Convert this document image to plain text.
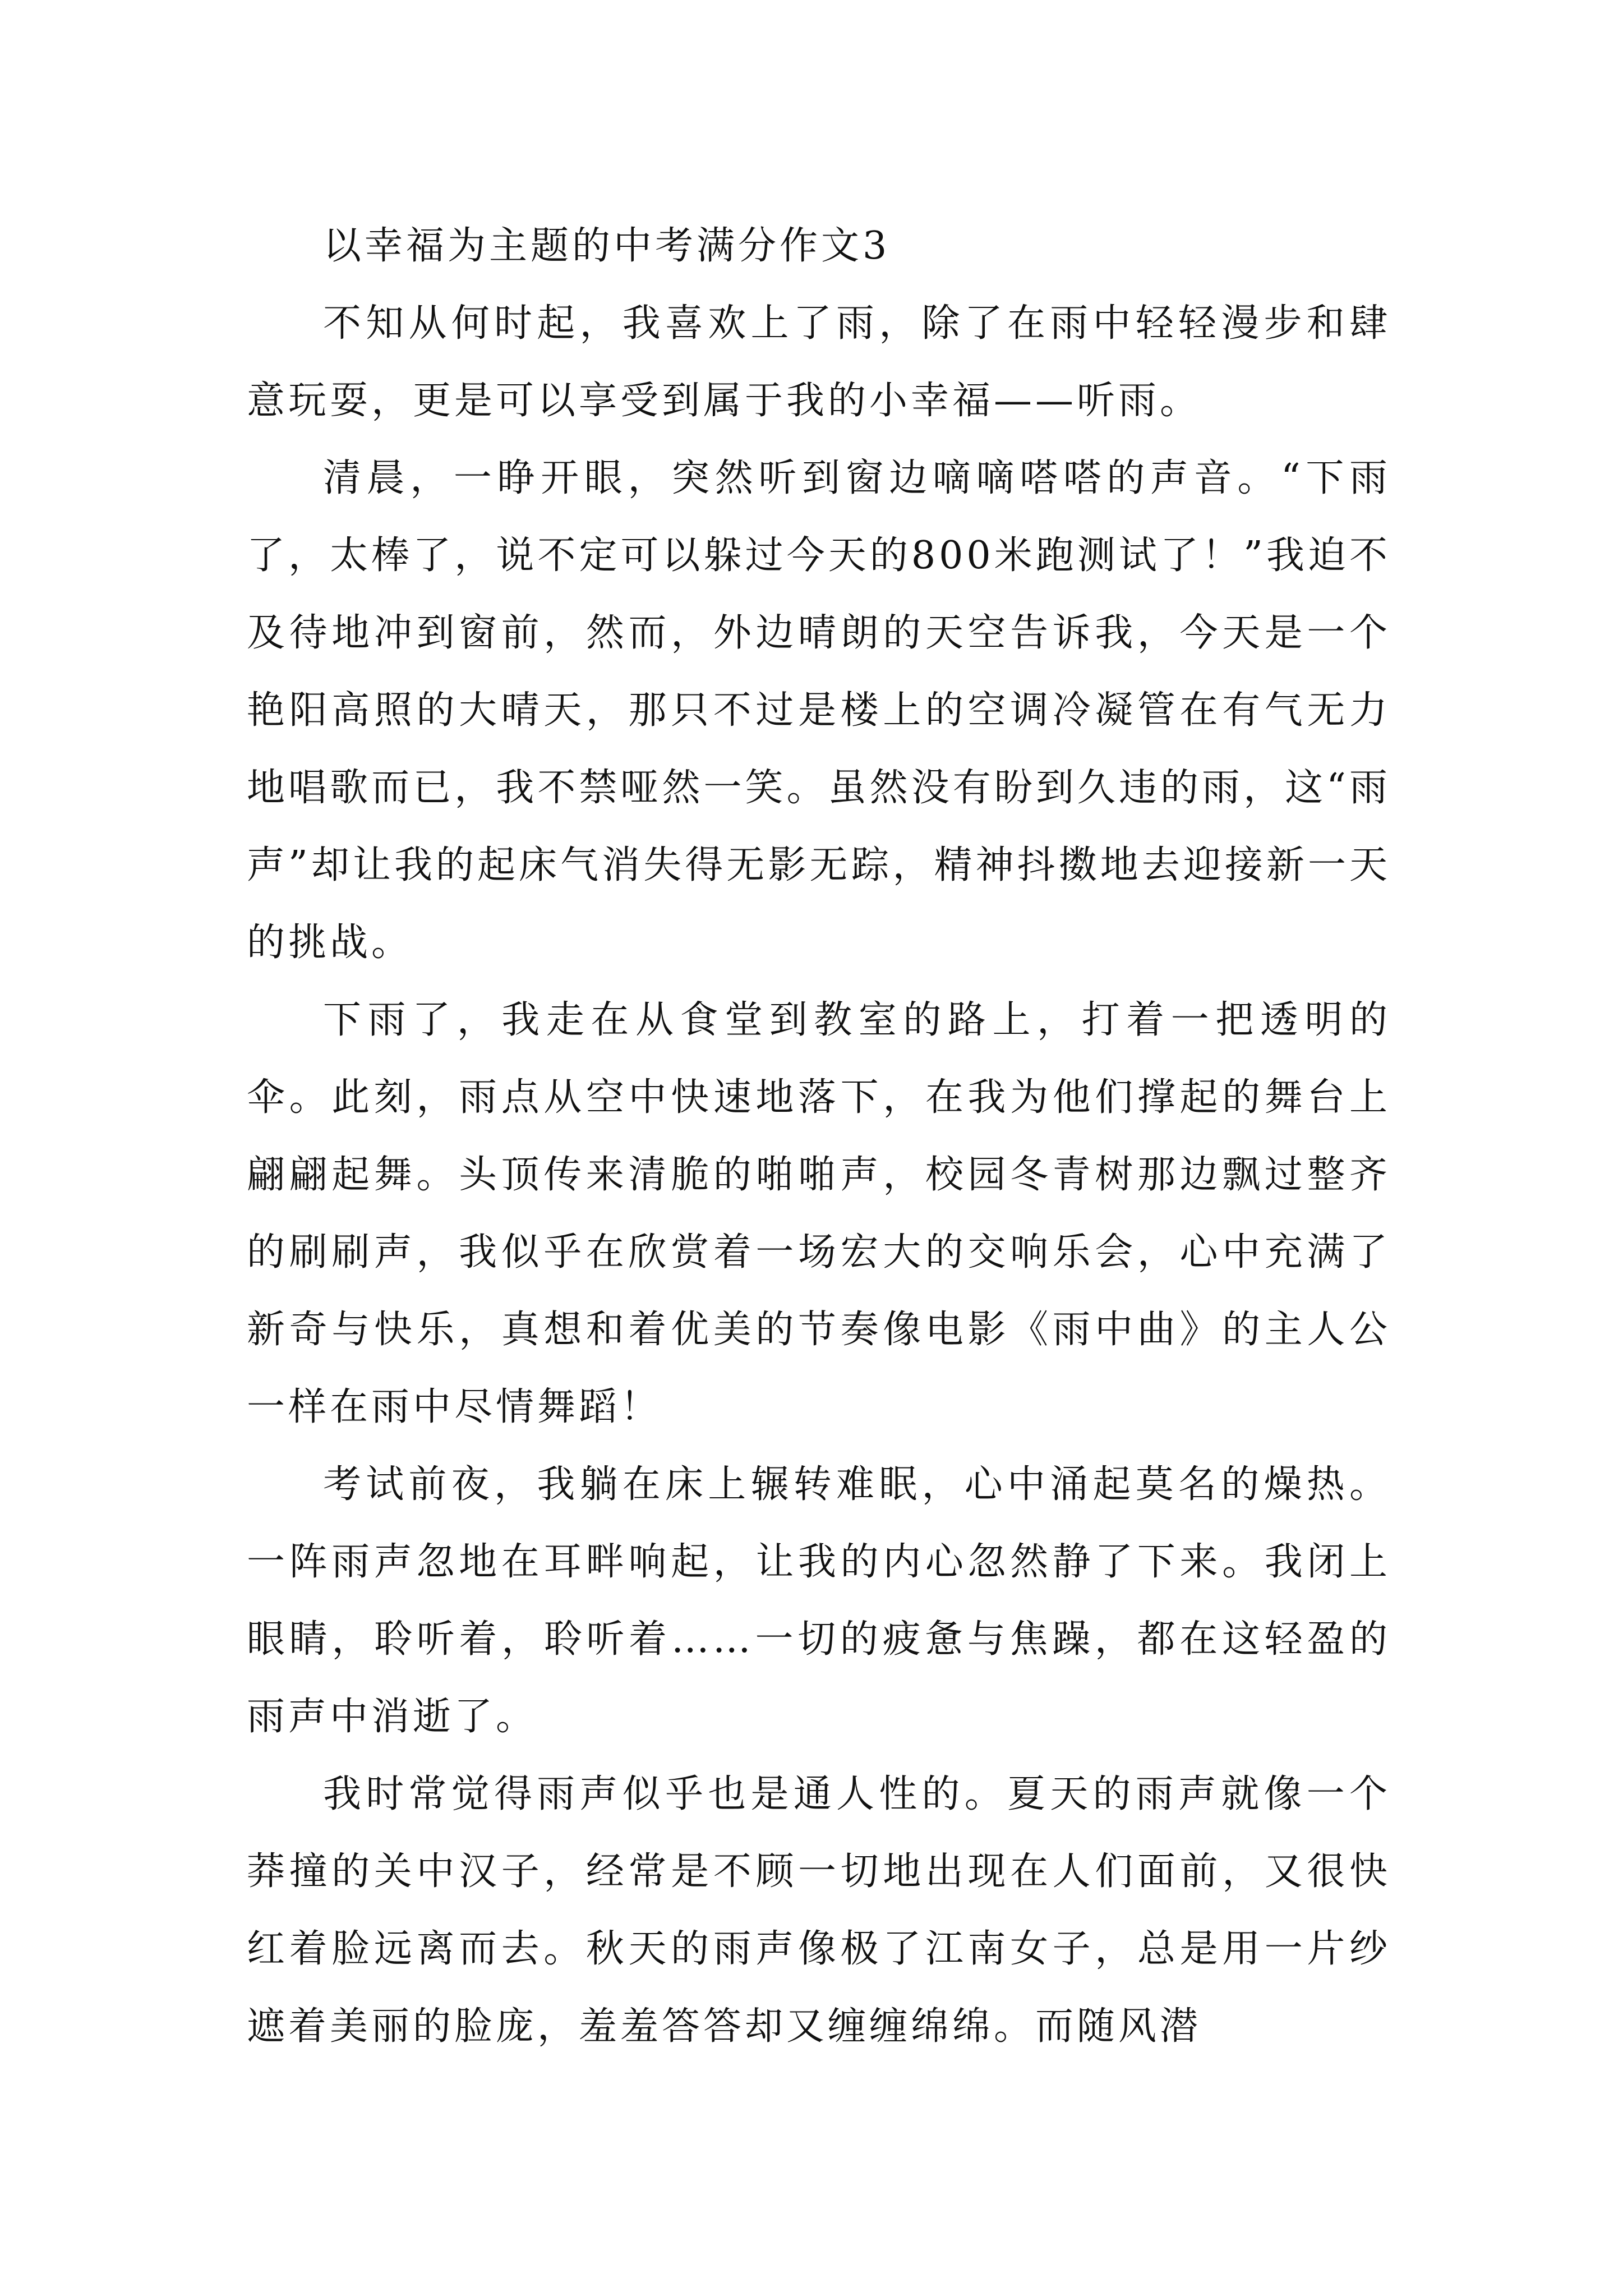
以幸福为主题的中考满分作文3

不知从何时起，我喜欢上了雨，除了在雨中轻轻漫步和肆意玩耍，更是可以享受到属于我的小幸福——听雨。

清晨，一睁开眼，突然听到窗边嘀嘀嗒嗒的声音。“下雨了，太棒了，说不定可以躲过今天的800米跑测试了！”我迫不及待地冲到窗前，然而，外边晴朗的天空告诉我，今天是一个艳阳高照的大晴天，那只不过是楼上的空调冷凝管在有气无力地唱歌而已，我不禁哑然一笑。虽然没有盼到久违的雨，这“雨声”却让我的起床气消失得无影无踪，精神抖擞地去迎接新一天的挑战。

下雨了，我走在从食堂到教室的路上，打着一把透明的伞。此刻，雨点从空中快速地落下，在我为他们撑起的舞台上翩翩起舞。头顶传来清脆的啪啪声，校园冬青树那边飘过整齐的刷刷声，我似乎在欣赏着一场宏大的交响乐会，心中充满了新奇与快乐，真想和着优美的节奏像电影《雨中曲》的主人公一样在雨中尽情舞蹈！

考试前夜，我躺在床上辗转难眠，心中涌起莫名的燥热。一阵雨声忽地在耳畔响起，让我的内心忽然静了下来。我闭上眼睛，聆听着，聆听着……一切的疲惫与焦躁，都在这轻盈的雨声中消逝了。

我时常觉得雨声似乎也是通人性的。夏天的雨声就像一个莽撞的关中汉子，经常是不顾一切地出现在人们面前，又很快红着脸远离而去。秋天的雨声像极了江南女子，总是用一片纱遮着美丽的脸庞，羞羞答答却又缠缠绵绵。而随风潜
